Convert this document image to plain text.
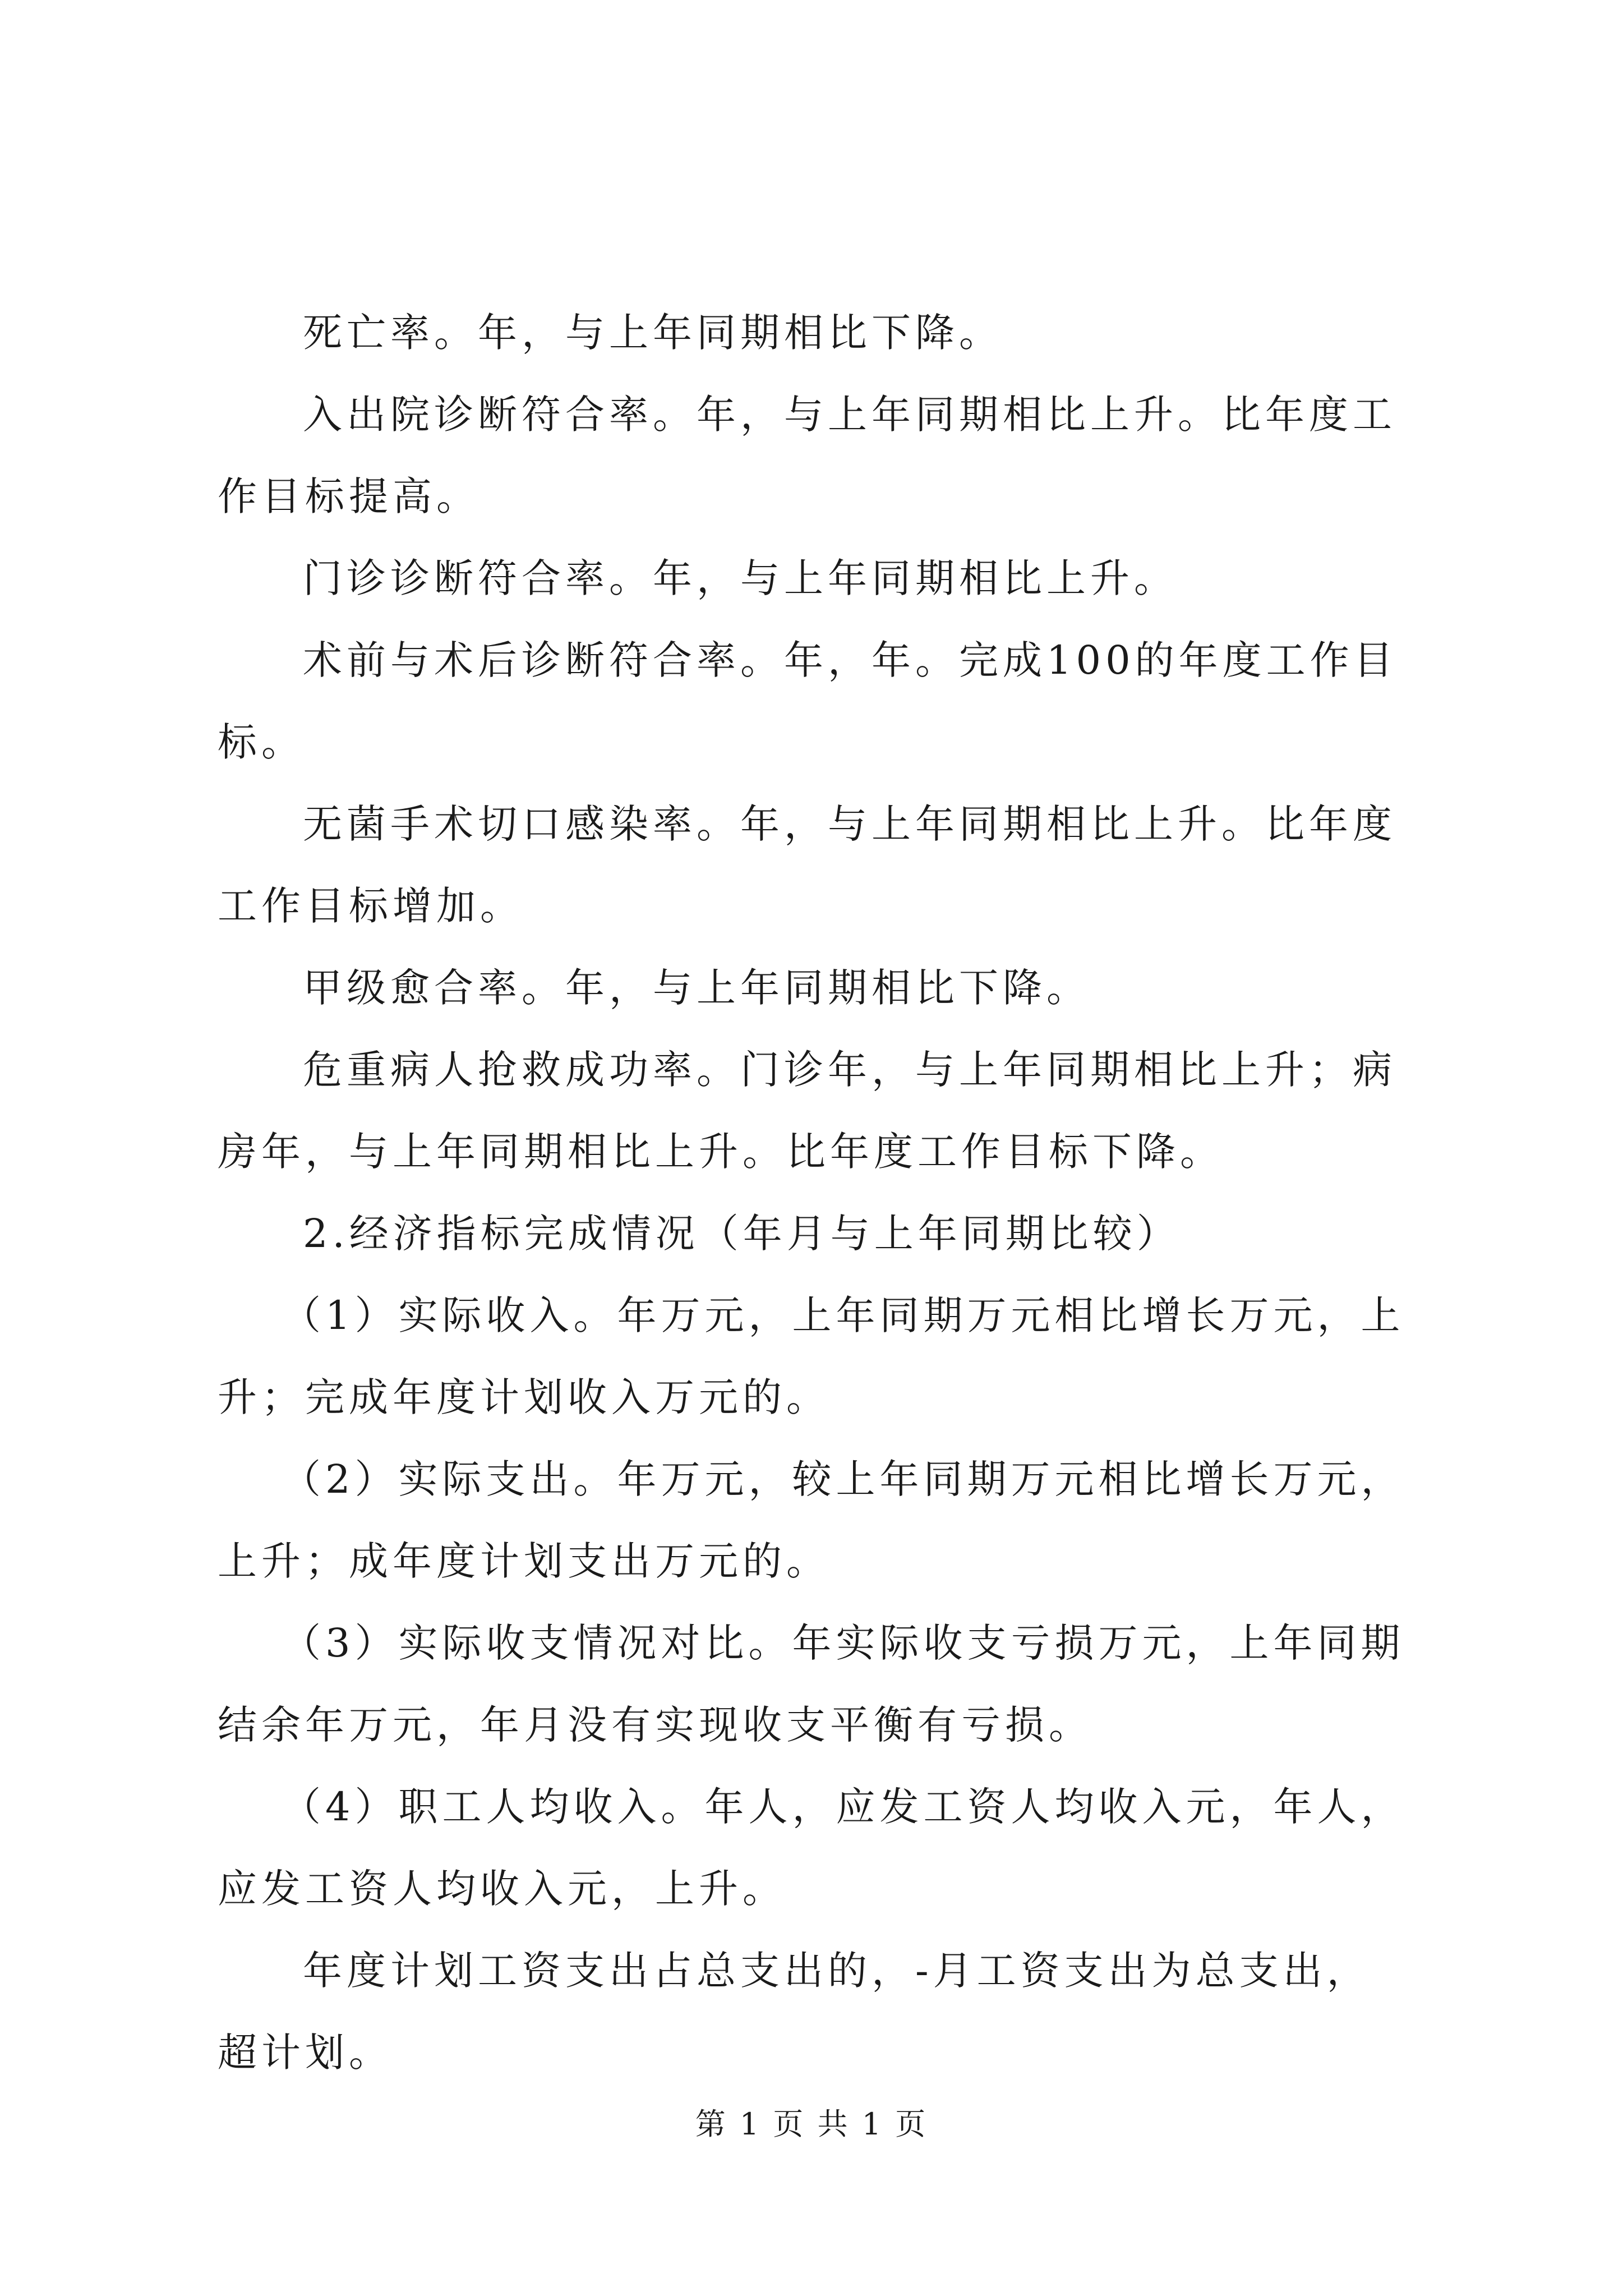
死亡率。年，与上年同期相比下降。

入出院诊断符合率。年，与上年同期相比上升。比年度工作目标提高。

门诊诊断符合率。年，与上年同期相比上升。

术前与术后诊断符合率。年，年。完成100的年度工作目标。

无菌手术切口感染率。年，与上年同期相比上升。比年度工作目标增加。

甲级愈合率。年，与上年同期相比下降。

危重病人抢救成功率。门诊年，与上年同期相比上升；病房年，与上年同期相比上升。比年度工作目标下降。

2.经济指标完成情况（年月与上年同期比较）

（1）实际收入。年万元，上年同期万元相比增长万元，上升；完成年度计划收入万元的。

（2）实际支出。年万元，较上年同期万元相比增长万元，上升；成年度计划支出万元的。

（3）实际收支情况对比。年实际收支亏损万元，上年同期结余年万元，年月没有实现收支平衡有亏损。

（4）职工人均收入。年人，应发工资人均收入元，年人，应发工资人均收入元，上升。

年度计划工资支出占总支出的，-月工资支出为总支出，超计划。

第 1 页 共 1 页
